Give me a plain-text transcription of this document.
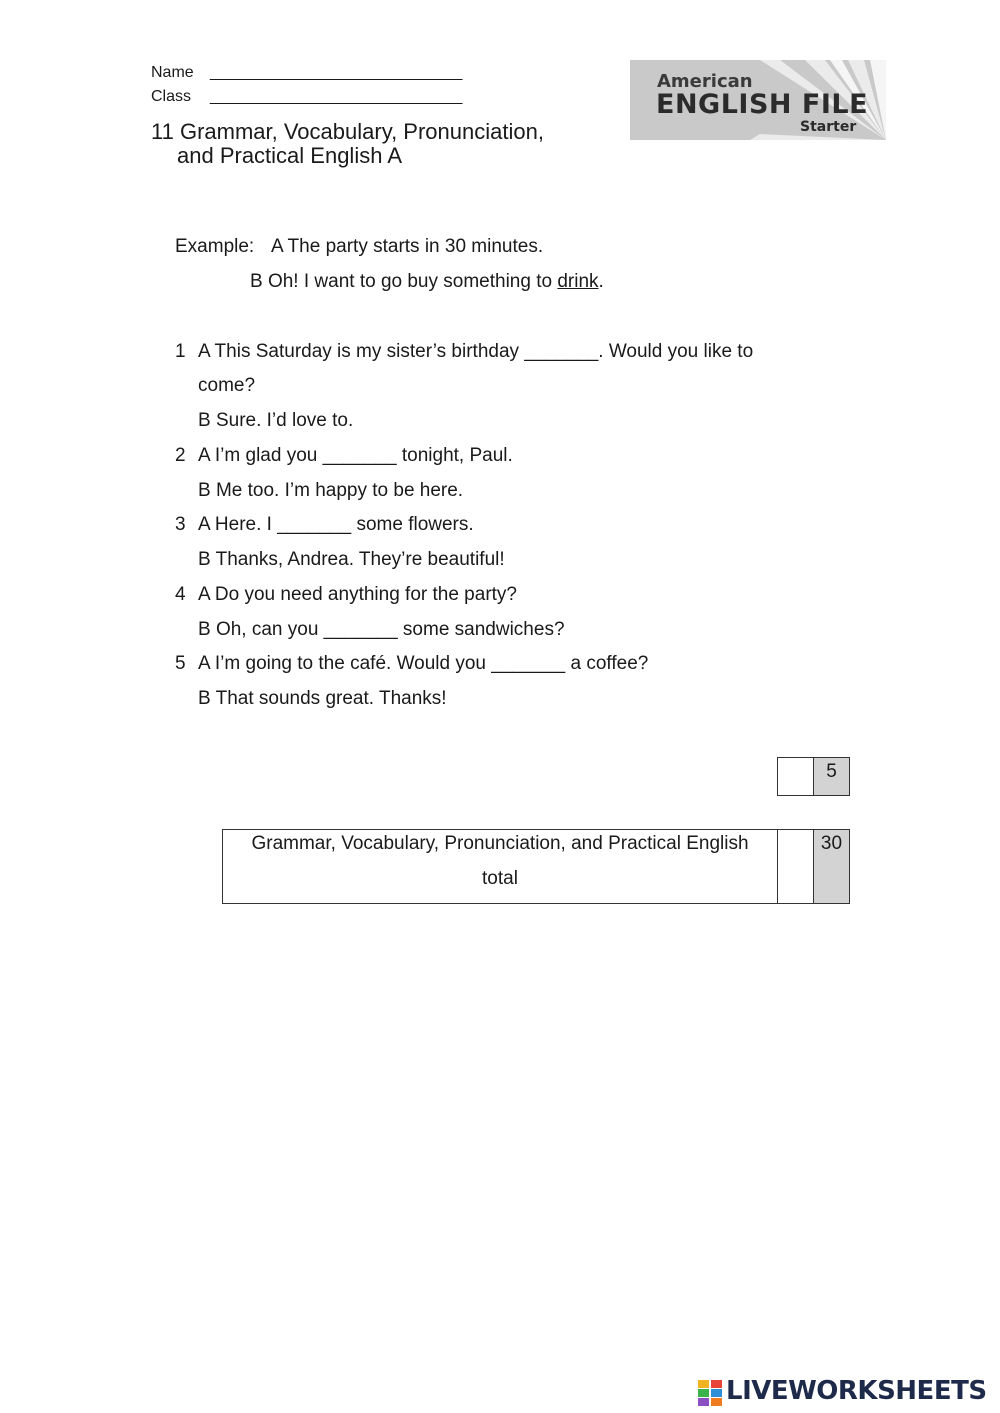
Name ______________________________
Class ______________________________
11 Grammar, Vocabulary, Pronunciation,
and Practical English A
American
ENGLISH FILE
Starter
Example: A The party starts in 30 minutes.
B Oh! I want to go buy something to drink.
1 A This Saturday is my sister’s birthday _______. Would you like to
come?
B Sure. I’d love to.
2 A I’m glad you _______ tonight, Paul.
B Me too. I’m happy to be here.
3 A Here. I _______ some flowers.
B Thanks, Andrea. They’re beautiful!
4 A Do you need anything for the party?
B Oh, can you _______ some sandwiches?
5 A I’m going to the café. Would you _______ a coffee?
B That sounds great. Thanks!
5
Grammar, Vocabulary, Pronunciation, and Practical English
total
30
LIVEWORKSHEETS
